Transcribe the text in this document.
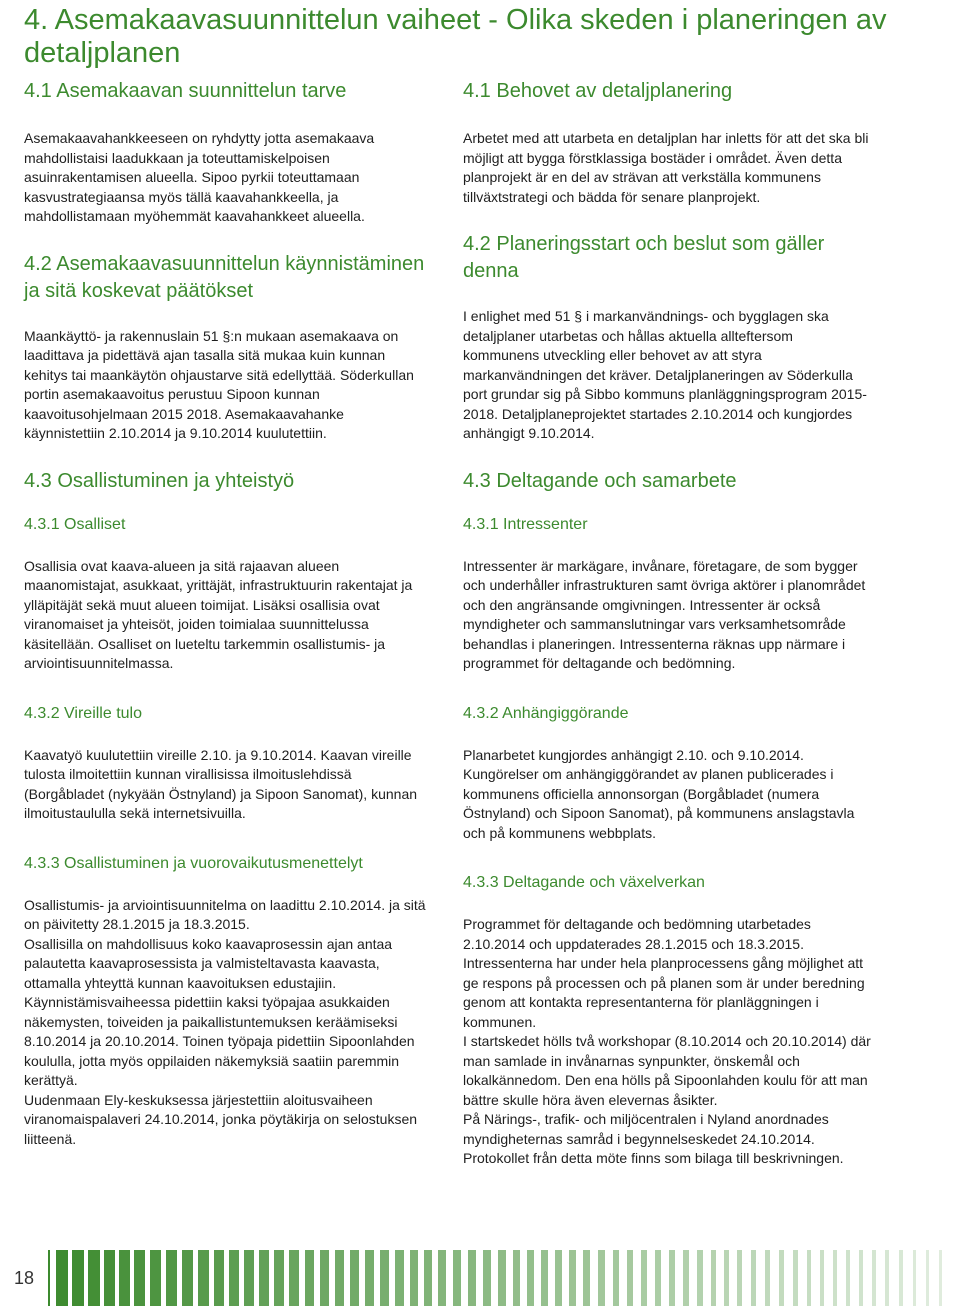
4. Asemakaavasuunnittelun vaiheet - Olika skeden i planeringen av detaljplanen
4.1 Asemakaavan suunnittelun tarve

Asemakaavahankkeeseen on ryhdytty jotta asemakaava mahdollistaisi laadukkaan ja toteuttamiskelpoisen asuinrakentamisen alueella. Sipoo pyrkii toteuttamaan kasvustrategiaansa myös tällä kaavahankkeella, ja mahdollistamaan myöhemmät kaavahankkeet alueella.

4.2 Asemakaavasuunnittelun käynnistäminen ja sitä koskevat päätökset

Maankäyttö- ja rakennuslain 51 §:n mukaan asemakaava on laadittava ja pidettävä ajan tasalla sitä mukaa kuin kunnan kehitys tai maankäytön ohjaustarve sitä edellyttää. Söderkullan portin asemakaavoitus perustuu Sipoon kunnan kaavoitusohjelmaan 2015 2018. Asemakaavahanke käynnistettiin 2.10.2014 ja 9.10.2014 kuulutettiin.

4.3 Osallistuminen ja yhteistyö
4.3.1 Osalliset

Osallisia ovat kaava-alueen ja sitä rajaavan alueen maanomistajat, asukkaat, yrittäjät, infrastruktuurin rakentajat ja ylläpitäjät sekä muut alueen toimijat. Lisäksi osallisia ovat viranomaiset ja yhteisöt, joiden toimialaa suunnittelussa käsitellään. Osalliset on lueteltu tarkemmin osallistumis- ja arviointisuunnitelmassa.

4.3.2 Vireille tulo

Kaavatyö kuulutettiin vireille 2.10. ja 9.10.2014. Kaavan vireille tulosta ilmoitettiin kunnan virallisissa ilmoituslehdissä (Borgåbladet (nykyään Östnyland) ja Sipoon Sanomat), kunnan ilmoitustaululla sekä internetsivuilla.

4.3.3 Osallistuminen ja vuorovaikutusmenettelyt

Osallistumis- ja arviointisuunnitelma on laadittu 2.10.2014. ja sitä on päivitetty 28.1.2015 ja 18.3.2015.
Osallisilla on mahdollisuus koko kaavaprosessin ajan antaa palautetta kaavaprosessista ja valmisteltavasta kaavasta, ottamalla yhteyttä kunnan kaavoituksen edustajiin.
Käynnistämisvaiheessa pidettiin kaksi työpajaa asukkaiden näkemysten, toiveiden ja paikallistuntemuksen keräämiseksi 8.10.2014 ja 20.10.2014. Toinen työpaja pidettiin Sipoonlahden koululla, jotta myös oppilaiden näkemyksiä saatiin paremmin kerättyä.
Uudenmaan Ely-keskuksessa järjestettiin aloitusvaiheen viranomaispalaveri 24.10.2014, jonka pöytäkirja on selostuksen liitteenä.

4.1 Behovet av detaljplanering

Arbetet med att utarbeta en detaljplan har inletts för att det ska bli möjligt att bygga förstklassiga bostäder i området. Även detta planprojekt är en del av strävan att verkställa kommunens tillväxtstrategi och bädda för senare planprojekt.

4.2 Planeringsstart och beslut som gäller denna

I enlighet med 51 § i markanvändnings- och bygglagen ska detaljplaner utarbetas och hållas aktuella allteftersom kommunens utveckling eller behovet av att styra markanvändningen det kräver. Detaljplaneringen av Söderkulla port grundar sig på Sibbo kommuns planläggningsprogram 2015-2018. Detaljplaneprojektet startades 2.10.2014 och kungjordes anhängigt 9.10.2014.

4.3 Deltagande och samarbete
4.3.1 Intressenter

Intressenter är markägare, invånare, företagare, de som bygger och underhåller infrastrukturen samt övriga aktörer i planområdet och den angränsande omgivningen. Intressenter är också myndigheter och sammanslutningar vars verksamhetsområde behandlas i planeringen. Intressenterna räknas upp närmare i programmet för deltagande och bedömning.

4.3.2 Anhängiggörande

Planarbetet kungjordes anhängigt 2.10. och 9.10.2014. Kungörelser om anhängiggörandet av planen publicerades i kommunens officiella annonsorgan (Borgåbladet (numera Östnyland) och Sipoon Sanomat), på kommunens anslagstavla och på kommunens webbplats.

4.3.3 Deltagande och växelverkan

Programmet för deltagande och bedömning utarbetades 2.10.2014 och uppdaterades 28.1.2015 och 18.3.2015.
Intressenterna har under hela planprocessens gång möjlighet att ge respons på processen och på planen som är under beredning genom att kontakta representanterna för planläggningen i kommunen.
I startskedet hölls två workshopar (8.10.2014 och 20.10.2014) där man samlade in invånarnas synpunkter, önskemål och lokalkännedom. Den ena hölls på Sipoonlahden koulu för att man bättre skulle höra även elevernas åsikter.
På Närings-, trafik- och miljöcentralen i Nyland anordnades myndigheternas samråd i begynnelseskedet 24.10.2014. Protokollet från detta möte finns som bilaga till beskrivningen.

18
